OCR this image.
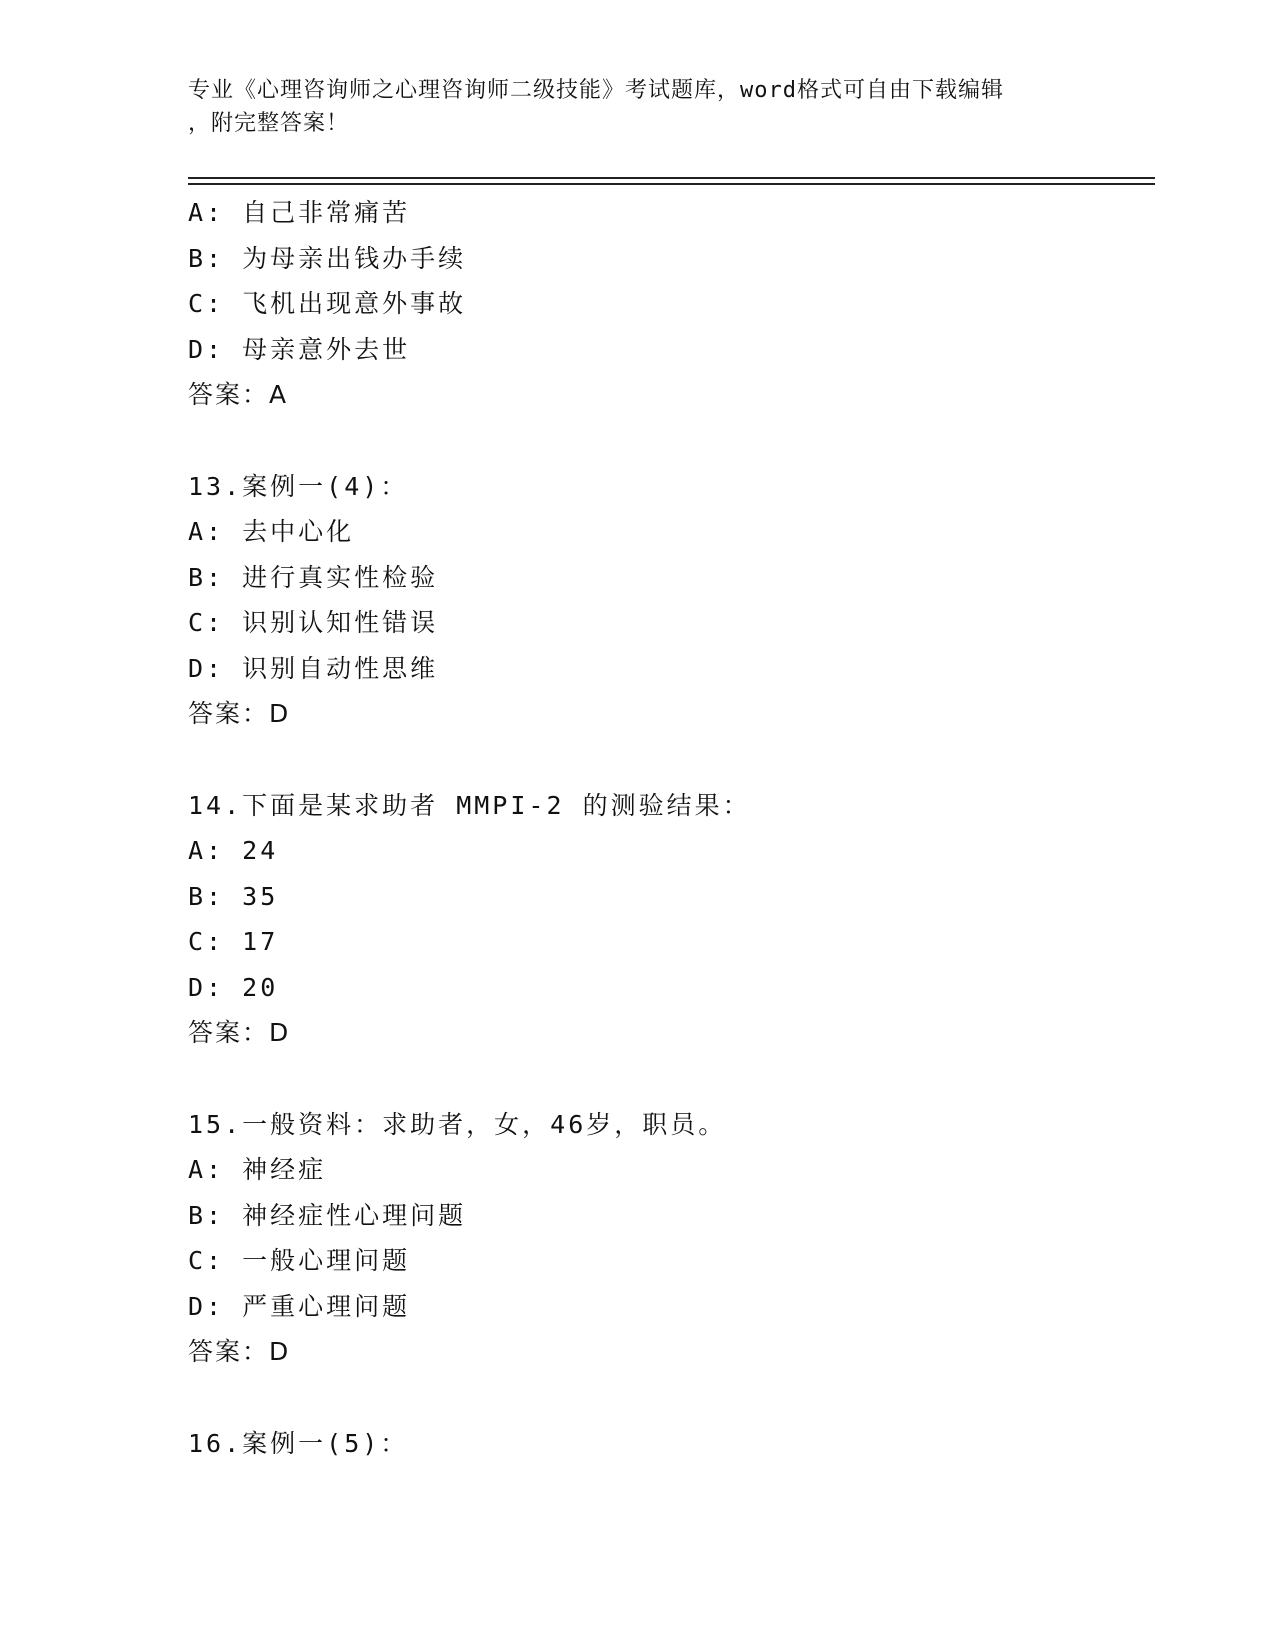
专业《心理咨询师之心理咨询师二级技能》考试题库，word格式可自由下载编辑
，附完整答案！
A: 自己非常痛苦
B: 为母亲出钱办手续
C: 飞机出现意外事故
D: 母亲意外去世
答案：A
13.案例一(4)：
A: 去中心化
B: 进行真实性检验
C: 识别认知性错误
D: 识别自动性思维
答案：D
14.下面是某求助者 MMPI-2 的测验结果：
A: 24
B: 35
C: 17
D: 20
答案：D
15.一般资料：求助者，女，46岁，职员。
A: 神经症
B: 神经症性心理问题
C: 一般心理问题
D: 严重心理问题
答案：D
16.案例一(5)：
